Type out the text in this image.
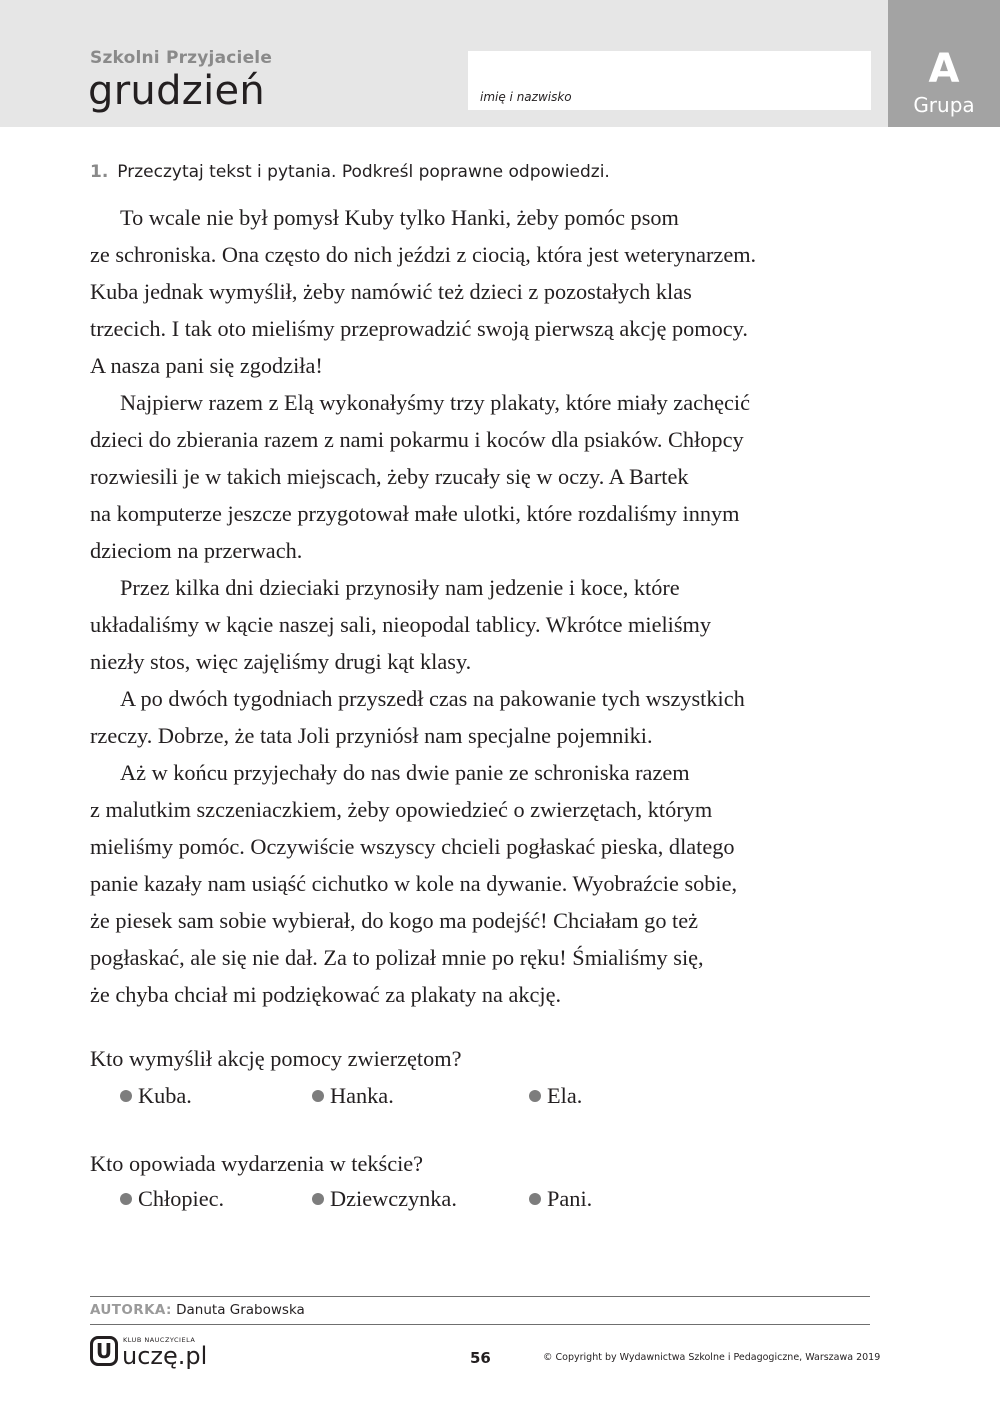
Szkolni Przyjaciele
grudzień	imię i nazwisko
A
Grupa
1. Przeczytaj tekst i pytania. Podkreśl poprawne odpowiedzi.
To wcale nie był pomysł Kuby tylko Hanki, żeby pomóc psom
ze schroniska. Ona często do nich jeździ z ciocią, która jest weterynarzem.
Kuba jednak wymyślił, żeby namówić też dzieci z pozostałych klas
trzecich. I tak oto mieliśmy przeprowadzić swoją pierwszą akcję pomocy.
A nasza pani się zgodziła!
Najpierw razem z Elą wykonałyśmy trzy plakaty, które miały zachęcić
dzieci do zbierania razem z nami pokarmu i koców dla psiaków. Chłopcy
rozwiesili je w takich miejscach, żeby rzucały się w oczy. A Bartek
na komputerze jeszcze przygotował małe ulotki, które rozdaliśmy innym
dzieciom na przerwach.
Przez kilka dni dzieciaki przynosiły nam jedzenie i koce, które
układaliśmy w kącie naszej sali, nieopodal tablicy. Wkrótce mieliśmy
niezły stos, więc zajęliśmy drugi kąt klasy.
A po dwóch tygodniach przyszedł czas na pakowanie tych wszystkich
rzeczy. Dobrze, że tata Joli przyniósł nam specjalne pojemniki.
Aż w końcu przyjechały do nas dwie panie ze schroniska razem
z malutkim szczeniaczkiem, żeby opowiedzieć o zwierzętach, którym
mieliśmy pomóc. Oczywiście wszyscy chcieli pogłaskać pieska, dlatego
panie kazały nam usiąść cichutko w kole na dywanie. Wyobraźcie sobie,
że piesek sam sobie wybierał, do kogo ma podejść! Chciałam go też
pogłaskać, ale się nie dał. Za to polizał mnie po ręku! Śmialiśmy się,
że chyba chciał mi podziękować za plakaty na akcję.
Kto wymyślił akcję pomocy zwierzętom?
Kuba.	Hanka.	Ela.
Kto opowiada wydarzenia w tekście?
Chłopiec.	Dziewczynka.	Pani.
AUTORKA: Danuta Grabowska
U	KLUB NAUCZYCIELA
uczę.pl	56	© Copyright by Wydawnictwa Szkolne i Pedagogiczne, Warszawa 2019
